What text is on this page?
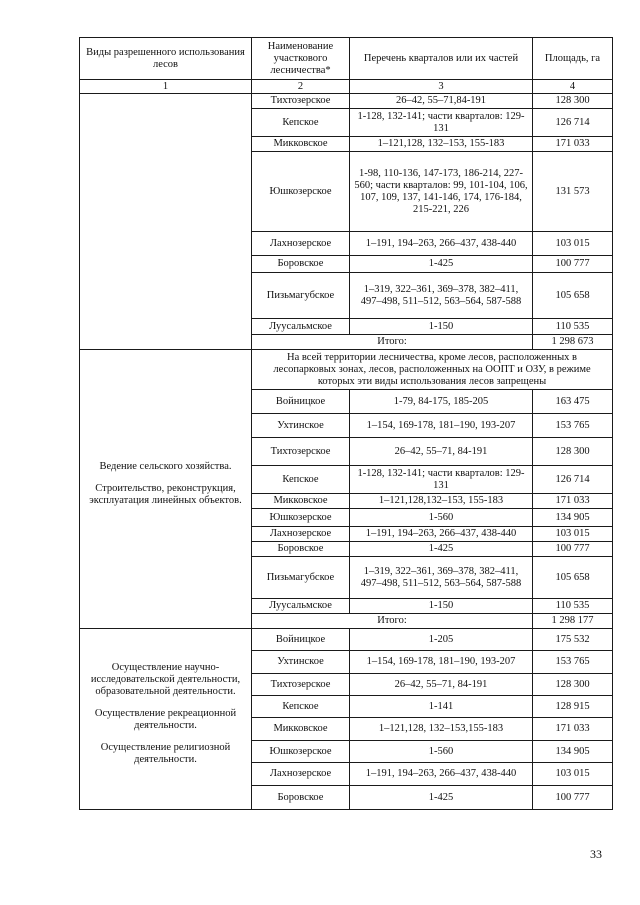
Виды разрешенного использования лесов	Наименование участкового лесничества*	Перечень кварталов или их частей	Площадь, га
1	2	3	4
	Тихтозерское	26–42, 55–71,84-191	128 300
	Кепское	1-128, 132-141; части кварталов: 129-131	126 714
	Микковское	1–121,128, 132–153, 155-183	171 033
	Юшкозерское	1-98, 110-136, 147-173, 186-214, 227-560; части кварталов: 99, 101-104, 106, 107, 109, 137, 141-146, 174, 176-184, 215-221, 226	131 573
	Лахнозерское	1–191, 194–263, 266–437, 438-440	103 015
	Боровское	1-425	100 777
	Пизьмагубское	1–319, 322–361, 369–378, 382–411, 497–498, 511–512, 563–564, 587-588	105 658
	Луусальмское	1-150	110 535
	Итого:		1 298 673

Ведение сельского хозяйства.
Строительство, реконструкция, эксплуатация линейных объектов.	На всей территории лесничества, кроме лесов, расположенных в лесопарковых зонах, лесов, расположенных на ООПТ и ОЗУ, в режиме которых эти виды использования лесов запрещены		
	Войницкое	1-79, 84-175, 185-205	163 475
	Ухтинское	1–154, 169-178, 181–190, 193-207	153 765
	Тихтозерское	26–42, 55–71, 84-191	128 300
	Кепское	1-128, 132-141; части кварталов: 129-131	126 714
	Микковское	1–121,128,132–153, 155-183	171 033
	Юшкозерское	1-560	134 905
	Лахнозерское	1–191, 194–263, 266–437, 438-440	103 015
	Боровское	1-425	100 777
	Пизьмагубское	1–319, 322–361, 369–378, 382–411, 497–498, 511–512, 563–564, 587-588	105 658
	Луусальмское	1-150	110 535
	Итого:		1 298 177

Осуществление научно-исследовательской деятельности, образовательной деятельности.
Осуществление рекреационной деятельности.
Осуществление религиозной деятельности.	Войницкое	1-205	175 532
	Ухтинское	1–154, 169-178, 181–190, 193-207	153 765
	Тихтозерское	26–42, 55–71, 84-191	128 300
	Кепское	1-141	128 915
	Микковское	1–121,128, 132–153,155-183	171 033
	Юшкозерское	1-560	134 905
	Лахнозерское	1–191, 194–263, 266–437, 438-440	103 015
	Боровское	1-425	100 777
33
